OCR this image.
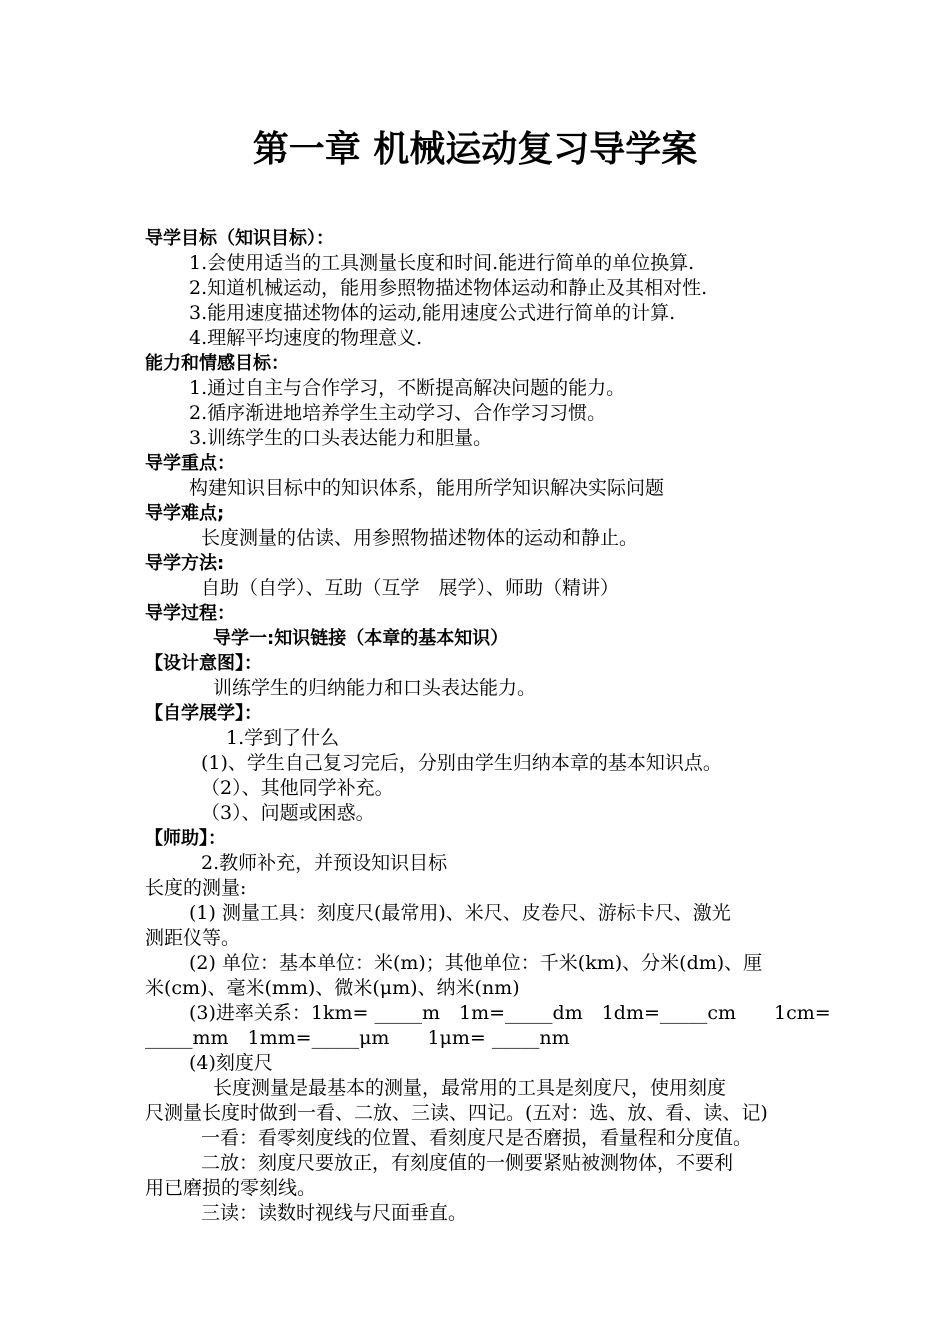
第一章 机械运动复习导学案
导学目标（知识目标）：
1.会使用适当的工具测量长度和时间.能进行简单的单位换算.
2.知道机械运动，能用参照物描述物体运动和静止及其相对性.
3.能用速度描述物体的运动,能用速度公式进行简单的计算.
4.理解平均速度的物理意义.
能力和情感目标：
1.通过自主与合作学习，不断提高解决问题的能力。
2.循序渐进地培养学生主动学习、合作学习习惯。
3.训练学生的口头表达能力和胆量。
导学重点：
构建知识目标中的知识体系，能用所学知识解决实际问题
导学难点;
长度测量的估读、用参照物描述物体的运动和静止。
导学方法:
自助（自学）、互助（互学　展学）、师助（精讲）
导学过程：
导学一:知识链接（本章的基本知识）
【设计意图】：
训练学生的归纳能力和口头表达能力。
【自学展学】：
1.学到了什么
(1)、学生自己复习完后，分别由学生归纳本章的基本知识点。
（2）、其他同学补充。
（3）、问题或困惑。
【师助】：
2.教师补充，并预设知识目标
长度的测量:
(1) 测量工具：刻度尺(最常用)、米尺、皮卷尺、游标卡尺、激光
测距仪等。
(2) 单位：基本单位：米(m)；其他单位：千米(km)、分米(dm)、厘
米(cm)、毫米(mm)、微米(μm)、纳米(nm)
(3)进率关系：1km= _____m　1m=_____dm　1dm=_____cm　　1cm=
_____mm　1mm=_____μm　　1μm= _____nm
(4)刻度尺
长度测量是最基本的测量，最常用的工具是刻度尺，使用刻度
尺测量长度时做到一看、二放、三读、四记。(五对：选、放、看、读、记)
一看：看零刻度线的位置、看刻度尺是否磨损，看量程和分度值。
二放：刻度尺要放正，有刻度值的一侧要紧贴被测物体，不要利
用已磨损的零刻线。
三读：读数时视线与尺面垂直。
